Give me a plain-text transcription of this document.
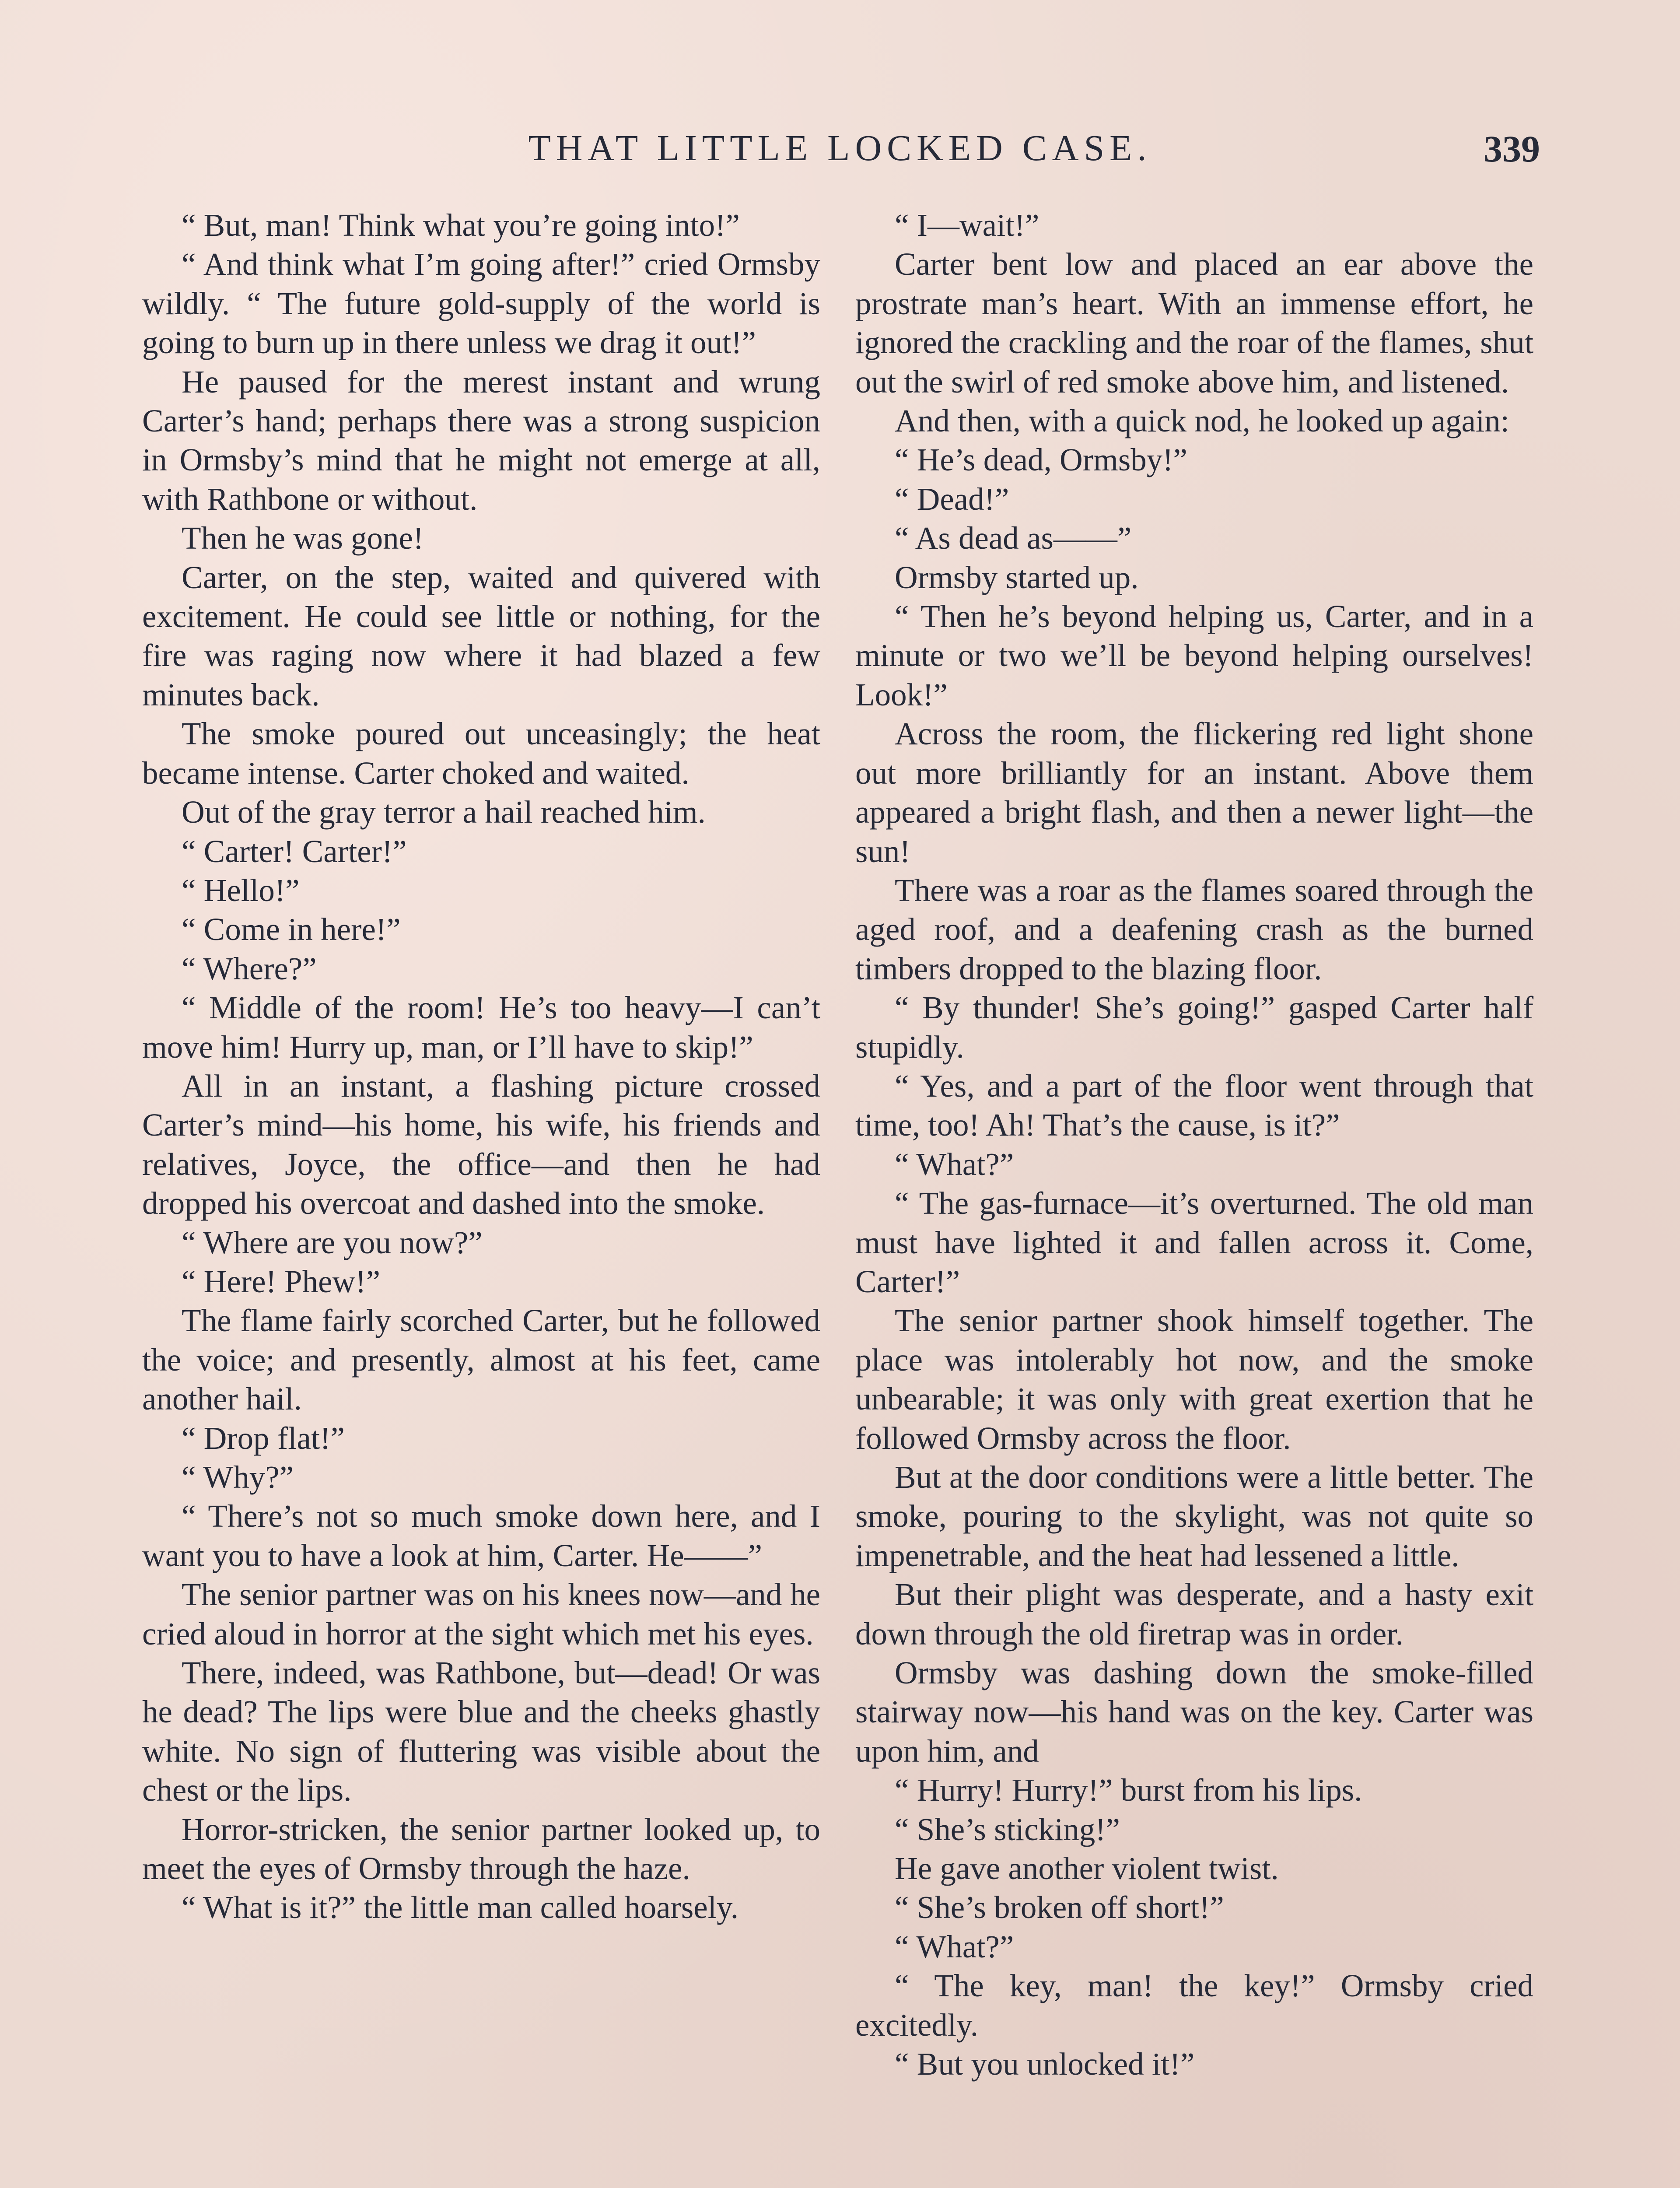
THAT LITTLE LOCKED CASE.	339

“ But, man! Think what you’re going into!”

“ And think what I’m going after!” cried Ormsby wildly. “ The future gold-supply of the world is going to burn up in there unless we drag it out!”

He paused for the merest instant and wrung Carter’s hand; perhaps there was a strong suspicion in Ormsby’s mind that he might not emerge at all, with Rathbone or without.

Then he was gone!

Carter, on the step, waited and quivered with excitement. He could see little or nothing, for the fire was raging now where it had blazed a few minutes back.

The smoke poured out unceasingly; the heat became intense. Carter choked and waited.

Out of the gray terror a hail reached him.

“ Carter! Carter!”

“ Hello!”

“ Come in here!”

“ Where?”

“ Middle of the room! He’s too heavy—I can’t move him! Hurry up, man, or I’ll have to skip!”

All in an instant, a flashing picture crossed Carter’s mind—his home, his wife, his friends and relatives, Joyce, the office—and then he had dropped his overcoat and dashed into the smoke.

“ Where are you now?”

“ Here! Phew!”

The flame fairly scorched Carter, but he followed the voice; and presently, almost at his feet, came another hail.

“ Drop flat!”

“ Why?”

“ There’s not so much smoke down here, and I want you to have a look at him, Carter. He——”

The senior partner was on his knees now—and he cried aloud in horror at the sight which met his eyes.

There, indeed, was Rathbone, but—dead! Or was he dead? The lips were blue and the cheeks ghastly white. No sign of fluttering was visible about the chest or the lips.

Horror-stricken, the senior partner looked up, to meet the eyes of Ormsby through the haze.

“ What is it?” the little man called hoarsely.

“ I—wait!”

Carter bent low and placed an ear above the prostrate man’s heart. With an immense effort, he ignored the crackling and the roar of the flames, shut out the swirl of red smoke above him, and listened.

And then, with a quick nod, he looked up again:

“ He’s dead, Ormsby!”

“ Dead!”

“ As dead as——”

Ormsby started up.

“ Then he’s beyond helping us, Carter, and in a minute or two we’ll be beyond helping ourselves! Look!”

Across the room, the flickering red light shone out more brilliantly for an instant. Above them appeared a bright flash, and then a newer light—the sun!

There was a roar as the flames soared through the aged roof, and a deafening crash as the burned timbers dropped to the blazing floor.

“ By thunder! She’s going!” gasped Carter half stupidly.

“ Yes, and a part of the floor went through that time, too! Ah! That’s the cause, is it?”

“ What?”

“ The gas-furnace—it’s overturned. The old man must have lighted it and fallen across it. Come, Carter!”

The senior partner shook himself together. The place was intolerably hot now, and the smoke unbearable; it was only with great exertion that he followed Ormsby across the floor.

But at the door conditions were a little better. The smoke, pouring to the skylight, was not quite so impenetrable, and the heat had lessened a little.

But their plight was desperate, and a hasty exit down through the old firetrap was in order.

Ormsby was dashing down the smoke-filled stairway now—his hand was on the key. Carter was upon him, and

“ Hurry! Hurry!” burst from his lips.

“ She’s sticking!”

He gave another violent twist.

“ She’s broken off short!”

“ What?”

“ The key, man! the key!” Ormsby cried excitedly.

“ But you unlocked it!”
